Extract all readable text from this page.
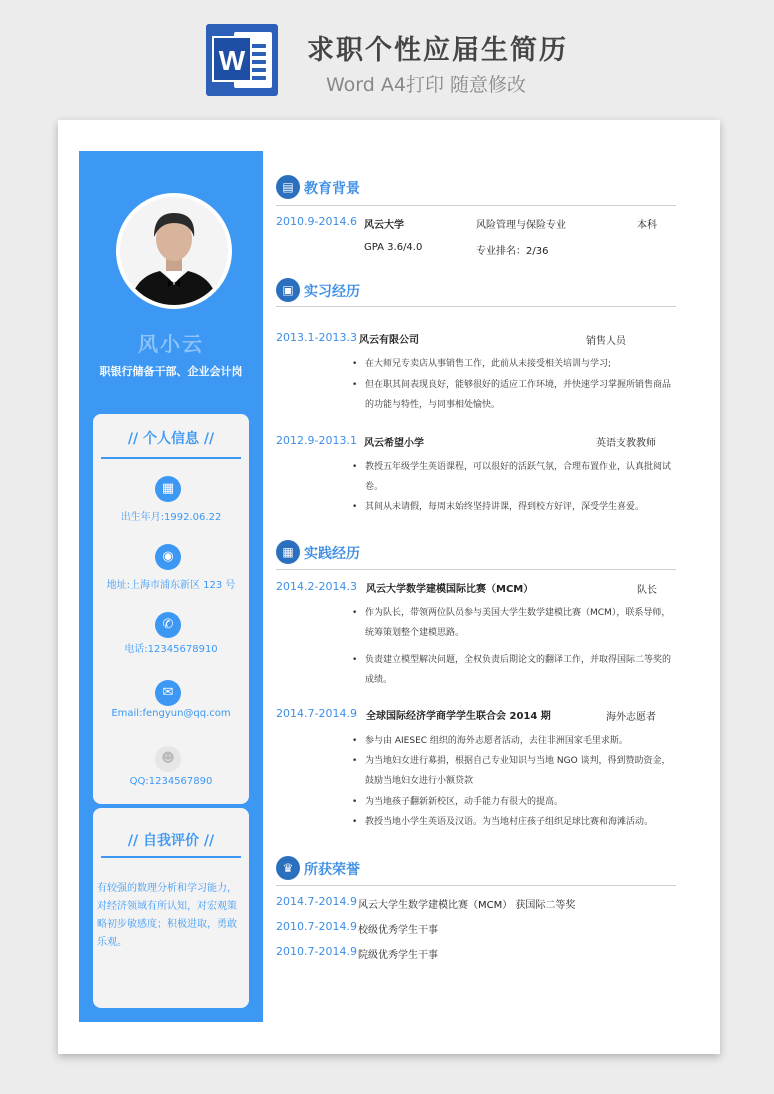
W 求职个性应届生简历
Word A4打印 随意修改
风小云
职银行储备干部、企业会计岗
// 个人信息 //
▦
出生年月:1992.06.22
◉
地址:上海市浦东新区 123 号
✆
电话:12345678910
✉
Email:fengyun@qq.com
☻
QQ:1234567890
// 自我评价 //
有较强的数理分析和学习能力，对经济领域有所认知，对宏观策略初步敏感度；积极进取，勇敢乐观。
▤ 教育背景
2010.9-2014.6 风云大学	风险管理与保险专业	本科
GPA 3.6/4.0	专业排名：2/36
▣ 实习经历
2013.1-2013.3 风云有限公司	销售人员
• 在大师兄专卖店从事销售工作，此前从未接受相关培训与学习;
• 但在职其间表现良好，能够很好的适应工作环境，并快速学习掌握所销售商品的功能与特性，与同事相处愉快。
2012.9-2013.1 风云希望小学	英语支教教师
• 教授五年级学生英语课程，可以很好的活跃气氛，合理布置作业，认真批阅试卷。
• 其间从未请假，每周末始终坚持讲课，得到校方好评，深受学生喜爱。
▦ 实践经历
2014.2-2014.3 风云大学数学建模国际比赛（MCM）	队长
• 作为队长，带领两位队员参与美国大学生数学建模比赛（MCM），联系导师，统筹策划整个建模思路。
• 负责建立模型解决问题，全权负责后期论文的翻译工作，并取得国际二等奖的成绩。
2014.7-2014.9 全球国际经济学商学学生联合会 2014 期	海外志愿者
• 参与由 AIESEC 组织的海外志愿者活动，去往非洲国家毛里求斯。
• 为当地妇女进行募捐，根据自己专业知识与当地 NGO 谈判，得到赞助资金，鼓励当地妇女进行小额贷款
• 为当地孩子翻新新校区，动手能力有很大的提高。
• 教授当地小学生英语及汉语。为当地村庄孩子组织足球比赛和海滩活动。
♛ 所获荣誉
2014.7-2014.9 风云大学生数学建模比赛（MCM） 获国际二等奖
2010.7-2014.9 校级优秀学生干事
2010.7-2014.9 院级优秀学生干事
